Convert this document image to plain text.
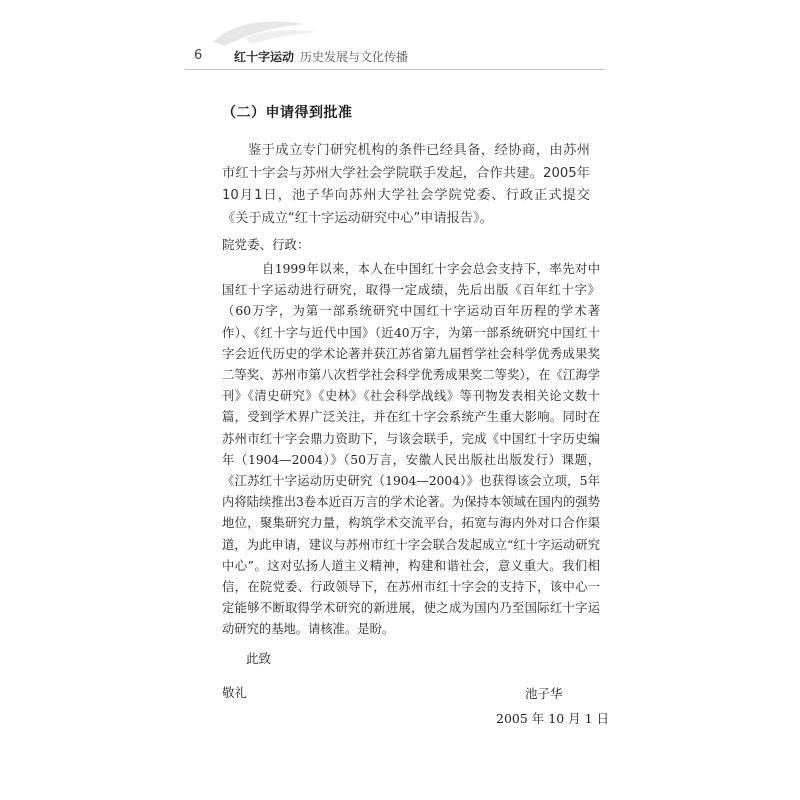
6	红十字运动 历史发展与文化传播
（二）申请得到批准

鉴于成立专门研究机构的条件已经具备，经协商，由苏州市红十字会与苏州大学社会学院联手发起，合作共建。2005年10月1日，池子华向苏州大学社会学院党委、行政正式提交《关于成立“红十字运动研究中心”申请报告》。

院党委、行政：

自1999年以来，本人在中国红十字会总会支持下，率先对中国红十字运动进行研究，取得一定成绩，先后出版《百年红十字》（60万字，为第一部系统研究中国红十字运动百年历程的学术著作）、《红十字与近代中国》（近40万字，为第一部系统研究中国红十字会近代历史的学术论著并获江苏省第九届哲学社会科学优秀成果奖二等奖、苏州市第八次哲学社会科学优秀成果奖二等奖），在《江海学刊》《清史研究》《史林》《社会科学战线》等刊物发表相关论文数十篇，受到学术界广泛关注，并在红十字会系统产生重大影响。同时在苏州市红十字会鼎力资助下，与该会联手，完成《中国红十字历史编年（1904—2004）》（50万言，安徽人民出版社出版发行）课题，《江苏红十字运动历史研究（1904—2004）》也获得该会立项，5年内将陆续推出3卷本近百万言的学术论著。为保持本领域在国内的强势地位，聚集研究力量，构筑学术交流平台，拓宽与海内外对口合作渠道，为此申请，建议与苏州市红十字会联合发起成立“红十字运动研究中心”。这对弘扬人道主义精神，构建和谐社会，意义重大。我们相信，在院党委、行政领导下，在苏州市红十字会的支持下，该中心一定能够不断取得学术研究的新进展，使之成为国内乃至国际红十字运动研究的基地。请核准。是盼。

此致
敬礼	池子华
2005 年 10 月 1 日
